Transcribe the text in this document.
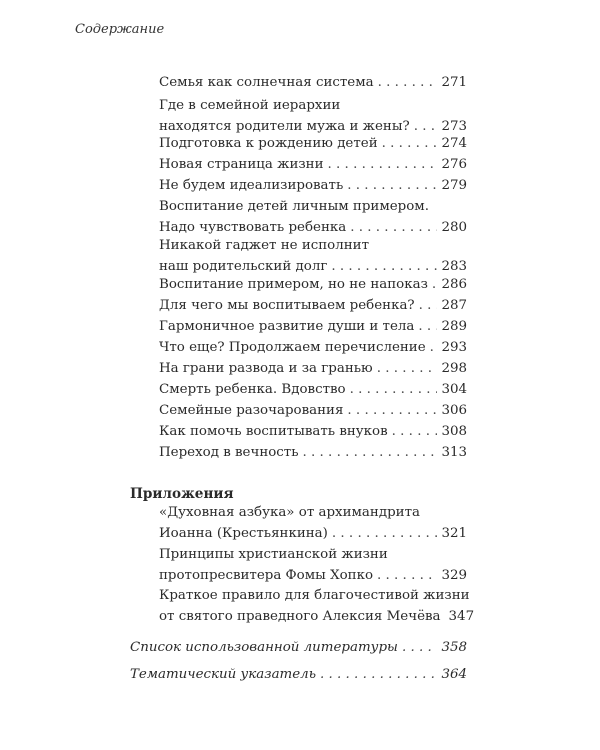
Содержание
Семья как солнечная система . . .	271
Где в семейной иерархии
находятся родители мужа и жены? . . . 273
Подготовка к рождению детей . . .	274
Новая страница жизни . . .	276
Не будем идеализировать . . .	279
Воспитание детей личным примером.
Надо чувствовать ребенка . . .	280
Никакой гаджет не исполнит
наш родительский долг . . .	283
Воспитание примером, но не напоказ . . . 286
Для чего мы воспитываем ребенка? . . . 287
Гармоничное развитие души и тела . . . 289
Что еще? Продолжаем перечисление . . . 293
На грани развода и за гранью . . .	298
Смерть ребенка. Вдовство . . .	304
Семейные разочарования . . .	306
Как помочь воспитывать внуков . . .	308
Переход в вечность . . .	313
Приложения
«Духовная азбука» от архимандрита
Иоанна (Крестьянкина) . . .	321
Принципы христианской жизни
протопресвитера Фомы Хопко . . .	329
Краткое правило для благочестивой жизни
от святого праведного Алексия Мечёва 347
Список использованной литературы . . .	358
Тематический указатель . . .	364
